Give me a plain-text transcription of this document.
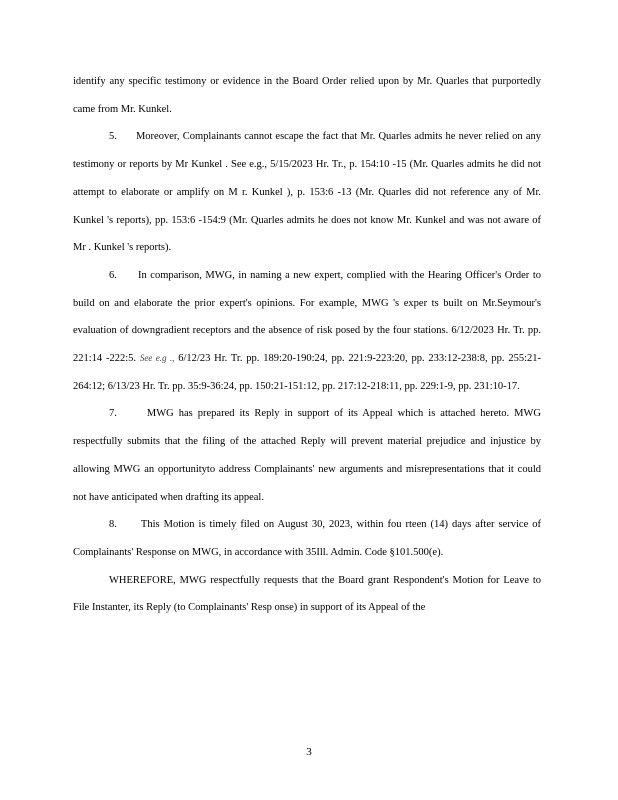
identify any specific testimony or evidence in the Board Order relied upon by Mr. Quarles that purportedly came from Mr. Kunkel.

5.      Moreover, Complainants cannot escape the fact that Mr. Quarles admits he never relied on any testimony or reports by Mr Kunkel . See e.g., 5/15/2023 Hr. Tr., p. 154:10 -15 (Mr. Quarles admits he did not attempt to elaborate or amplify on M r. Kunkel ), p. 153:6 -13 (Mr. Quarles did not reference any of Mr. Kunkel 's reports), pp. 153:6 -154:9 (Mr. Quarles admits he does not know Mr. Kunkel and was not aware of Mr . Kunkel 's reports).

6.      In comparison, MWG, in naming a new expert, complied with the Hearing Officer's Order to build on and elaborate the prior expert's opinions. For example, MWG 's exper ts built on Mr.Seymour's evaluation of downgradient receptors and the absence of risk posed by the four stations. 6/12/2023 Hr. Tr. pp. 221:14 -222:5. See e.g ., 6/12/23 Hr. Tr. pp. 189:20-190:24, pp. 221:9-223:20, pp. 233:12-238:8, pp. 255:21-264:12; 6/13/23 Hr. Tr. pp. 35:9-36:24, pp. 150:21-151:12, pp. 217:12-218:11, pp. 229:1-9, pp. 231:10-17.

7.      MWG has prepared its Reply in support of its Appeal which is attached hereto. MWG respectfully submits that the filing of the attached Reply will prevent material prejudice and injustice by allowing MWG an opportunityto address Complainants' new arguments and misrepresentations that it could not have anticipated when drafting its appeal.

8.      This Motion is timely filed on August 30, 2023, within fou rteen (14) days after service of Complainants' Response on MWG, in accordance with 35Ill. Admin. Code §101.500(e).

WHEREFORE, MWG respectfully requests that the Board grant Respondent's Motion for Leave to File Instanter, its Reply (to Complainants' Resp onse) in support of its Appeal of the

3
